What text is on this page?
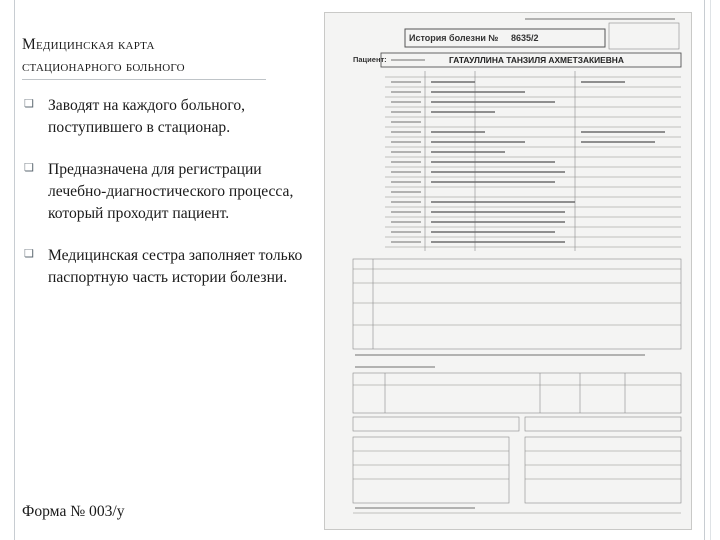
Медицинская карта
стационарного больного
❏ Заводят на каждого больного, поступившего в стационар.
❏ Предназначена для регистрации лечебно-диагностического процесса, который проходит пациент.
❏ Медицинская сестра заполняет только паспортную часть истории болезни.
Форма № 003/у
История болезни № 8635/2
Пациент:	ГАТАУЛЛИНА ТАНЗИЛЯ АХМЕТЗАКИЕВНА
